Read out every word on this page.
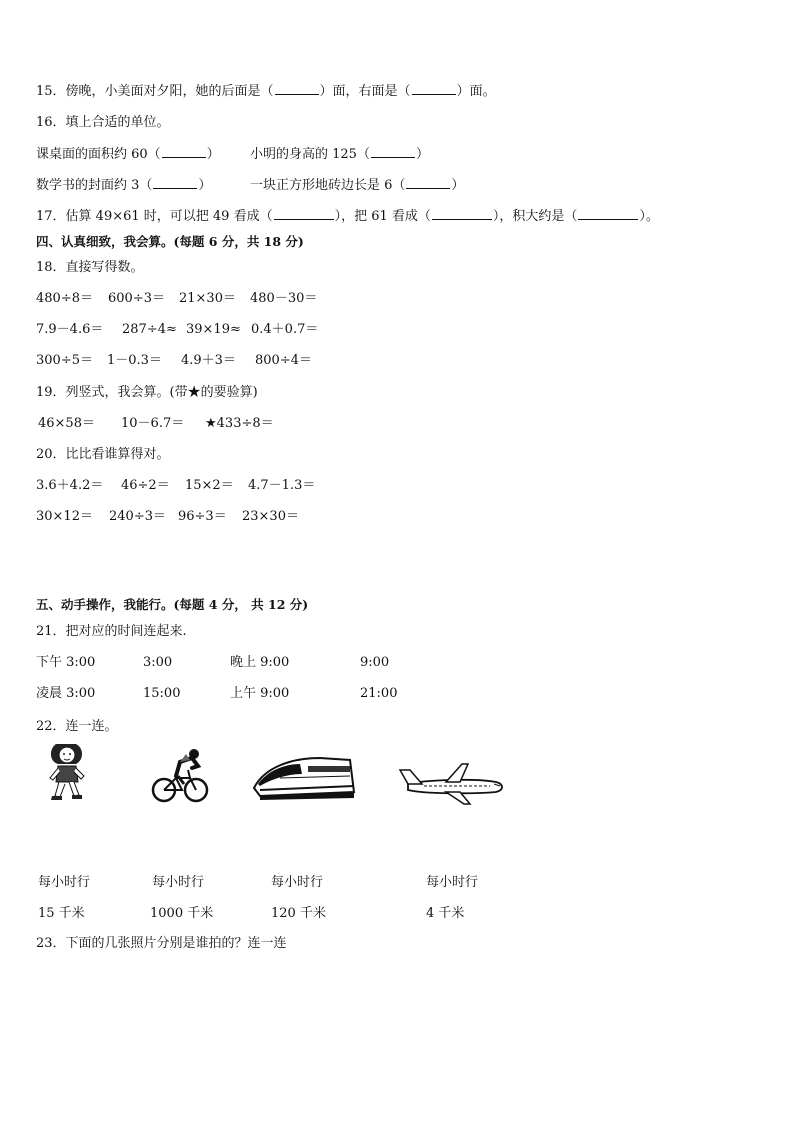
15．傍晚，小美面对夕阳，她的后面是（	）面，右面是（	）面。
16．填上合适的单位。
课桌面的面积约 60（	） 小明的身高的 125（	）
数学书的封面约 3（	）	一块正方形地砖边长是 6（	）
17．估算 49×61 时，可以把 49 看成（	），把 61 看成（	），积大约是（	）。
四、认真细致，我会算。(每题 6 分，共 18 分)
18．直接写得数。
480÷8＝ 600÷3＝ 21×30＝ 480－30＝
7.9－4.6＝ 287÷4≈ 39×19≈ 0.4＋0.7＝
300÷5＝ 1－0.3＝ 4.9＋3＝ 800÷4＝
19．列竖式，我会算。(带★的要验算)
46×58＝ 10－6.7＝ ★433÷8＝
20．比比看谁算得对。
3.6＋4.2＝ 46÷2＝ 15×2＝ 4.7－1.3＝
30×12＝ 240÷3＝ 96÷3＝ 23×30＝
五、动手操作，我能行。(每题 4 分， 共 12 分)
21．把对应的时间连起来.
下午 3:00	3:00	晚上 9:00	9:00
凌晨 3:00	15:00	上午 9:00	21:00
22．连一连。
每小时行	每小时行	每小时行	每小时行
15 千米	1000 千米	120 千米	4 千米
23．下面的几张照片分别是谁拍的？连一连
